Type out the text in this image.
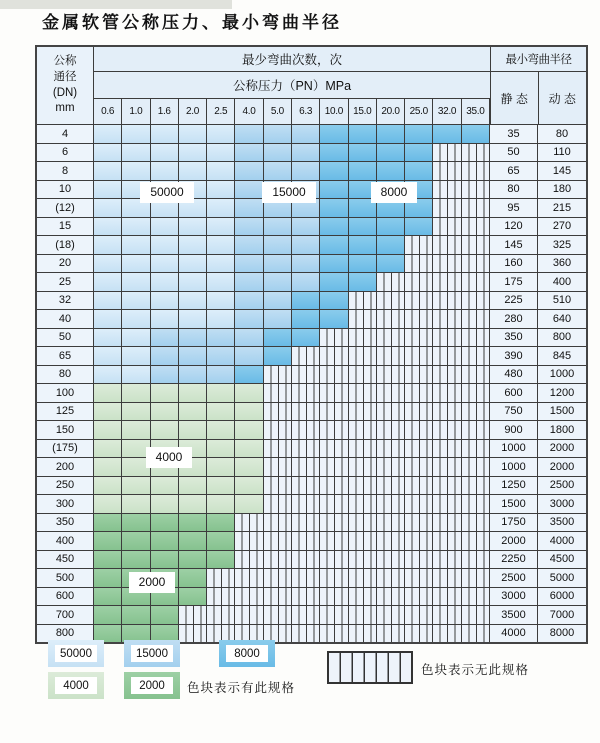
金属软管公称压力、最小弯曲半径
公称
通径
(DN)
mm
最少弯曲次数，次
公称压力（PN）MPa
0.6	1.0	1.6	2.0	2.5	4.0	5.0	6.3	10.0	15.0	20.0	25.0	32.0	35.0
最小弯曲半径
静 态	动 态
4	35	80
6	50	110
8	65	145
10	80	180
(12)	95	215
15	120	270
(18)	145	325
20	160	360
25	175	400
32	225	510
40	280	640
50	350	800
65	390	845
80	480	1000
100	600	1200
125	750	1500
150	900	1800
(175)	1000	2000
200	1000	2000
250	1250	2500
300	1500	3000
350	1750	3500
400	2000	4000
450	2250	4500
500	2500	5000
600	3000	6000
700	3500	7000
800	4000	8000
50000	15000	8000
4000
2000
色块表示有此规格
色块表示无此规格
50000	15000	8000
4000	2000
